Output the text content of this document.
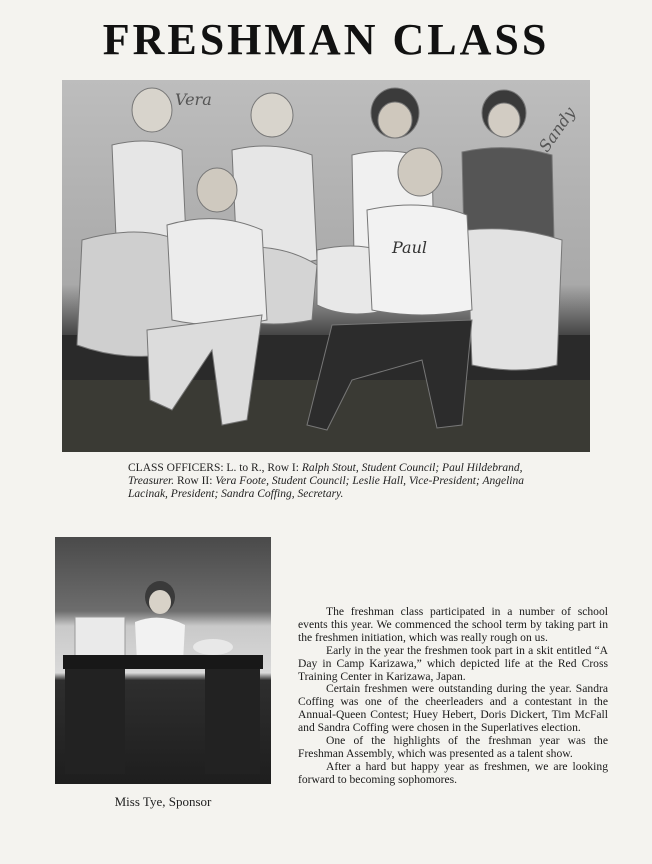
FRESHMAN CLASS
Vera
Sandy
Paul
CLASS OFFICERS: L. to R., Row I: Ralph Stout, Student Council; Paul Hildebrand, Treasurer. Row II: Vera Foote, Student Council; Leslie Hall, Vice-President; Angelina Lacinak, President; Sandra Coffing, Secretary.
Miss Tye, Sponsor

The freshman class participated in a number of school events this year. We commenced the school term by taking part in the freshmen initiation, which was really rough on us.

Early in the year the freshmen took part in a skit entitled “A Day in Camp Karizawa,” which depicted life at the Red Cross Training Center in Karizawa, Japan.

Certain freshmen were outstanding during the year. Sandra Coffing was one of the cheerleaders and a contestant in the Annual-Queen Contest; Huey Hebert, Doris Dickert, Tim McFall and Sandra Coffing were chosen in the Superlatives election.

One of the highlights of the freshman year was the Freshman Assembly, which was presented as a talent show.

After a hard but happy year as freshmen, we are looking forward to becoming sophomores.
